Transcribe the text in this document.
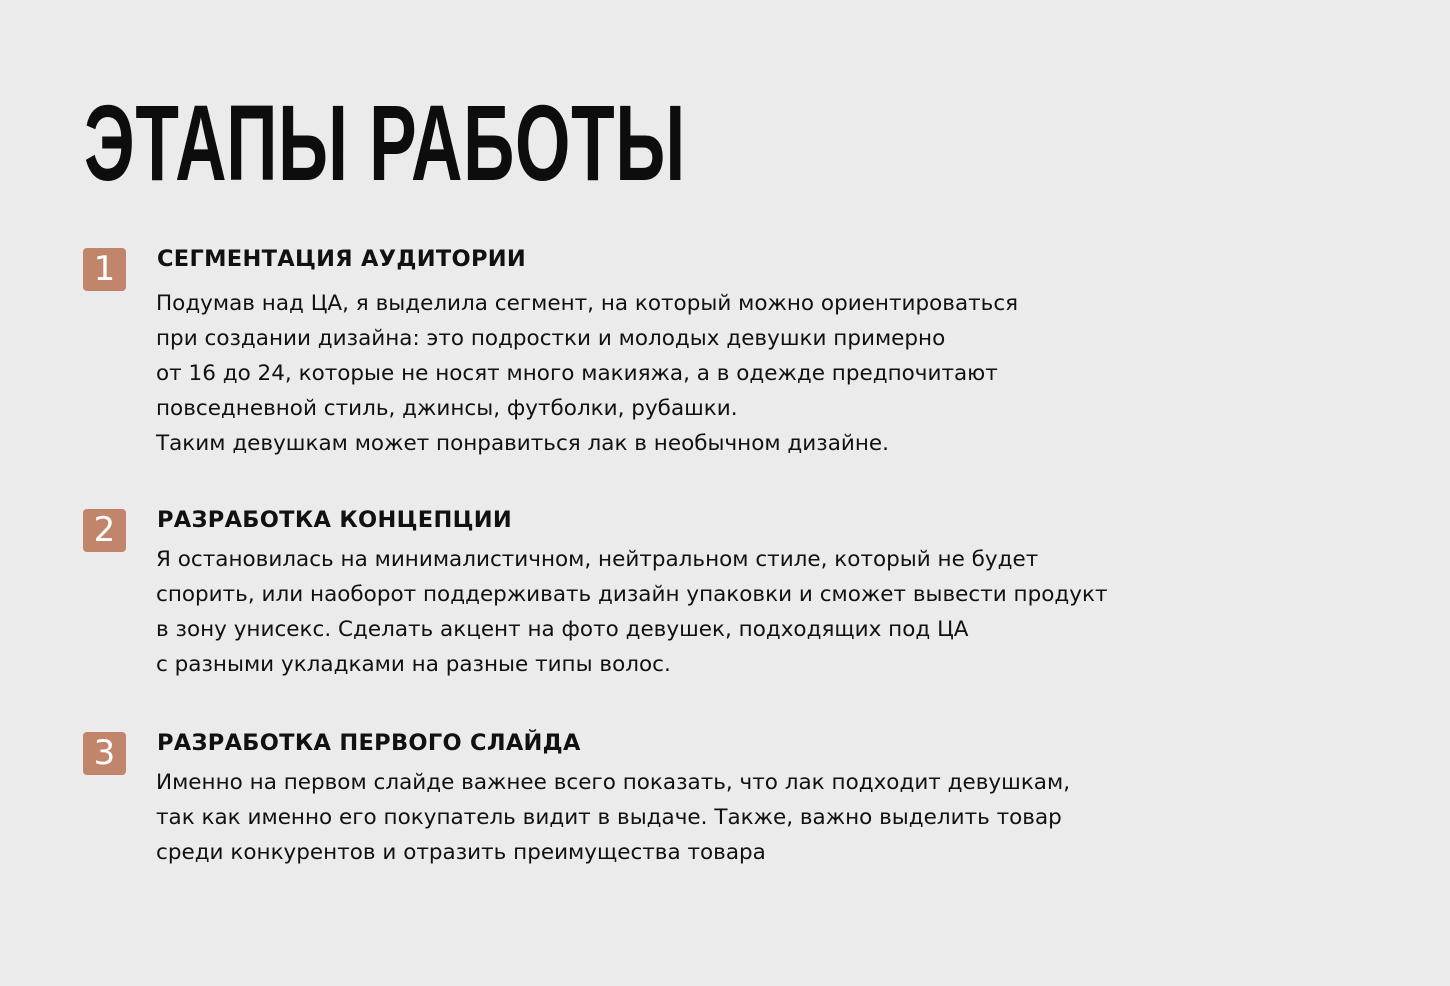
ЭТАПЫ РАБОТЫ
1	СЕГМЕНТАЦИЯ АУДИТОРИИ
Подумав над ЦА, я выделила сегмент, на который можно ориентироваться
при создании дизайна: это подростки и молодых девушки примерно
от 16 до 24, которые не носят много макияжа, а в одежде предпочитают
повседневной стиль, джинсы, футболки, рубашки.
Таким девушкам может понравиться лак в необычном дизайне.
2	РАЗРАБОТКА КОНЦЕПЦИИ
Я остановилась на минималистичном, нейтральном стиле, который не будет
спорить, или наоборот поддерживать дизайн упаковки и сможет вывести продукт
в зону унисекс. Сделать акцент на фото девушек, подходящих под ЦА
с разными укладками на разные типы волос.
3	РАЗРАБОТКА ПЕРВОГО СЛАЙДА
Именно на первом слайде важнее всего показать, что лак подходит девушкам,
так как именно его покупатель видит в выдаче. Также, важно выделить товар
среди конкурентов и отразить преимущества товара
